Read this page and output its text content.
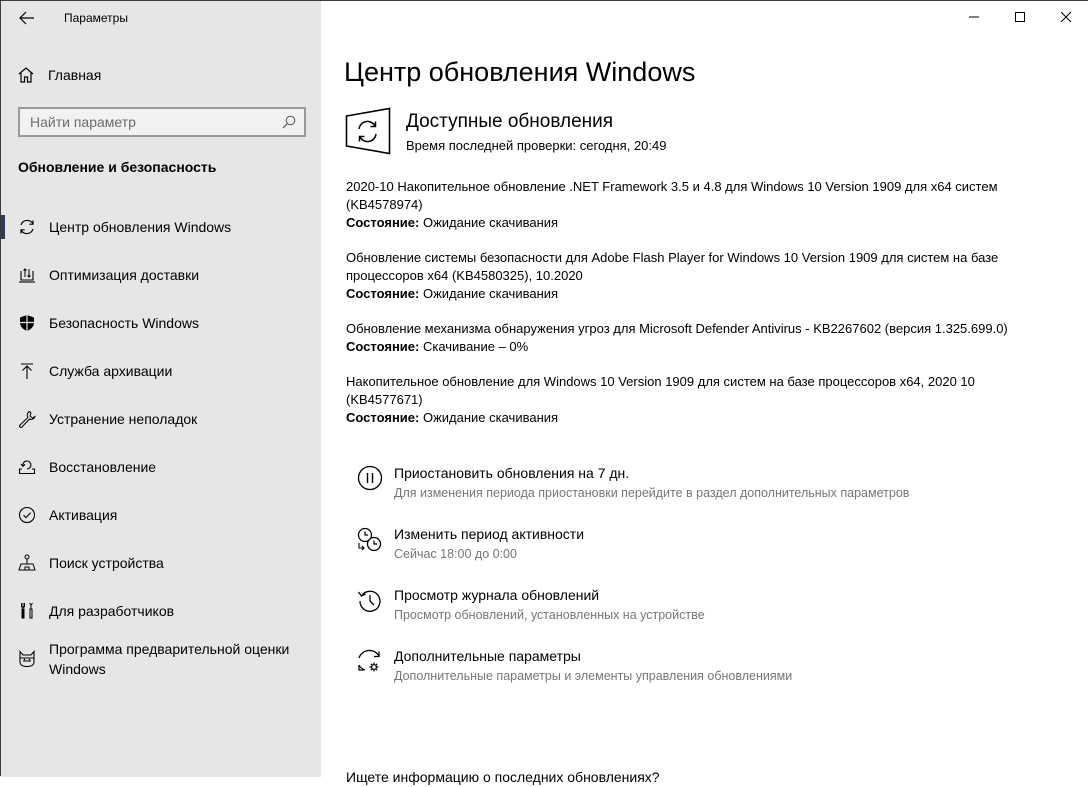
Параметры
Главная
Найти параметр
Обновление и безопасность
Центр обновления Windows
Оптимизация доставки
Безопасность Windows
Служба архивации
Устранение неполадок
Восстановление
Активация
Поиск устройства
Для разработчиков
Программа предварительной оценки Windows
Центр обновления Windows
Доступные обновления
Время последней проверки: сегодня, 20:49
2020-10 Накопительное обновление .NET Framework 3.5 и 4.8 для Windows 10 Version 1909 для x64 систем (KB4578974)
Состояние: Ожидание скачивания
Обновление системы безопасности для Adobe Flash Player for Windows 10 Version 1909 для систем на базе процессоров x64 (KB4580325), 10.2020
Состояние: Ожидание скачивания
Обновление механизма обнаружения угроз для Microsoft Defender Antivirus - KB2267602 (версия 1.325.699.0)
Состояние: Скачивание – 0%
Накопительное обновление для Windows 10 Version 1909 для систем на базе процессоров x64, 2020 10 (KB4577671)
Состояние: Ожидание скачивания
Приостановить обновления на 7 дн.
Для изменения периода приостановки перейдите в раздел дополнительных параметров
Изменить период активности
Сейчас 18:00 до 0:00
Просмотр журнала обновлений
Просмотр обновлений, установленных на устройстве
Дополнительные параметры
Дополнительные параметры и элементы управления обновлениями
Ищете информацию о последних обновлениях?
